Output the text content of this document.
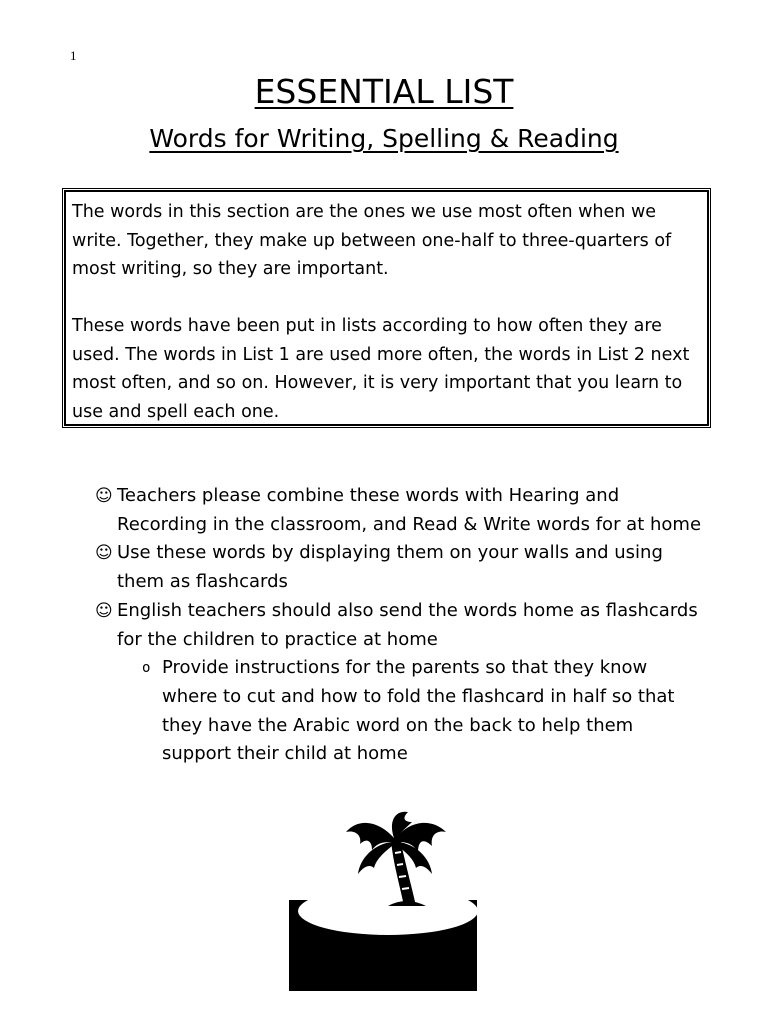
1
ESSENTIAL LIST
Words for Writing, Spelling & Reading

The words in this section are the ones we use most often when we write. Together, they make up between one-half to three-quarters of most writing, so they are important.

These words have been put in lists according to how often they are used. The words in List 1 are used more often, the words in List 2 next most often, and so on. However, it is very important that you learn to use and spell each one.

☺ Teachers please combine these words with Hearing and Recording in the classroom, and Read & Write words for at home
☺ Use these words by displaying them on your walls and using them as flashcards
☺ English teachers should also send the words home as flashcards for the children to practice at home
o Provide instructions for the parents so that they know where to cut and how to fold the flashcard in half so that they have the Arabic word on the back to help them support their child at home
